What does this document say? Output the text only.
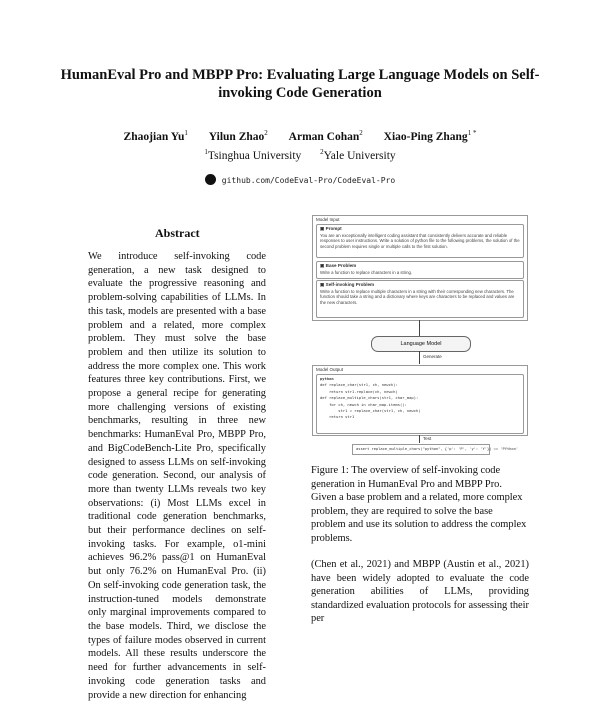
HumanEval Pro and MBPP Pro: Evaluating Large Language Models on Self-invoking Code Generation
Zhaojian Yu$^1$ Yilun Zhao$^2$ Arman Cohan$^2$ Xiao-Ping Zhang$^{1 *}$
$^1$Tsinghua University	$^2$Yale University
github.com/CodeEval-Pro/CodeEval-Pro
Abstract

We introduce self-invoking code generation, a new task designed to evaluate the progressive reasoning and problem-solving capabilities of LLMs. In this task, models are presented with a base problem and a related, more complex problem. They must solve the base problem and then utilize its solution to address the more complex one. This work features three key contributions. First, we propose a general recipe for generating more challenging versions of existing benchmarks, resulting in three new benchmarks: HumanEval Pro, MBPP Pro, and BigCodeBench-Lite Pro, specifically designed to assess LLMs on self-invoking code generation. Second, our analysis of more than twenty LLMs reveals two key observations: (i) Most LLMs excel in traditional code generation benchmarks, but their performance declines on self-invoking tasks. For example, o1-mini achieves 96.2% pass@1 on HumanEval but only 76.2% on HumanEval Pro. (ii) On self-invoking code generation task, the instruction-tuned models demonstrate only marginal improvements compared to the base models. Third, we disclose the types of failure modes observed in current models. All these results underscore the need for further advancements in self-invoking code generation tasks and provide a new direction for enhancing

Model Input
▣ Prompt
You are an exceptionally intelligent coding assistant that consistently delivers accurate and reliable responses to user instructions. Write a solution of python file to the following problems, the solution of the second problem requires single or multiple calls to the first solution.
▣ Base Problem
Write a function to replace characters in a string.
▣ Self-invoking Problem
Write a function to replace multiple characters in a string with their corresponding new characters. The function should take a string and a dictionary where keys are characters to be replaced and values are the new characters.
Language Model
Generate
Model Output
python
def replace_char(str1, ch, newch):
return str1.replace(ch, newch)
def replace_multiple_chars(str1, char_map):
for ch, newch in char_map.items():
str1 = replace_char(str1, ch, newch)
return str1
Test
assert replace_multiple_chars("python", {'p': 'P', 'y': 'Y'}) == 'PYthon'
Figure 1: The overview of self-invoking code generation in HumanEval Pro and MBPP Pro. Given a base problem and a related, more complex problem, they are required to solve the base problem and use its solution to address the complex problems.
(Chen et al., 2021) and MBPP (Austin et al., 2021) have been widely adopted to evaluate the code generation abilities of LLMs, providing standardized evaluation protocols for assessing their per
